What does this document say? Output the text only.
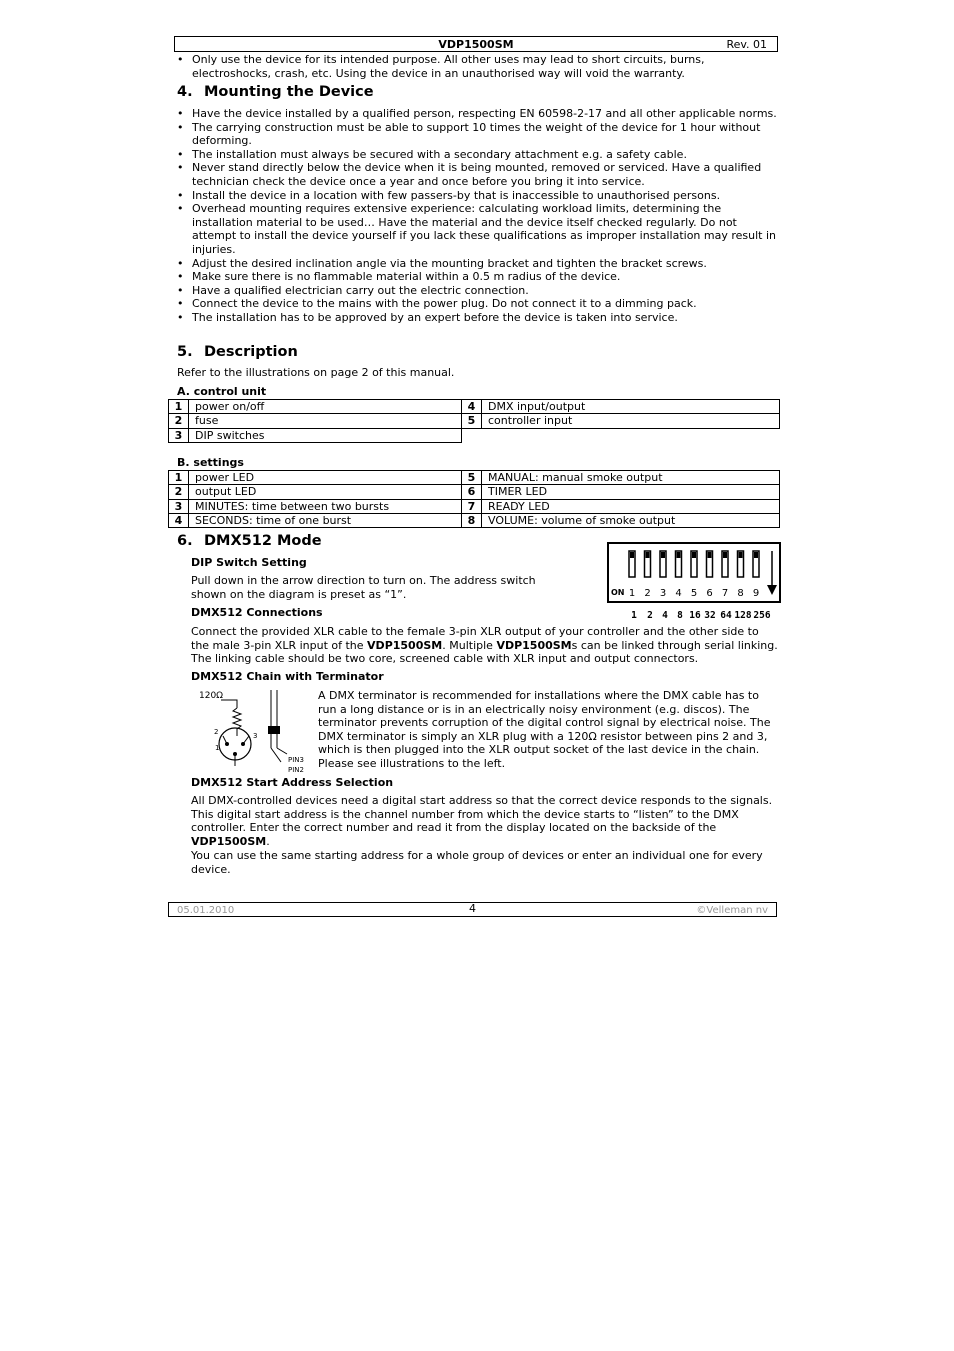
VDP1500SM	Rev. 01
• Only use the device for its intended purpose. All other uses may lead to short circuits, burns, electroshocks, crash, etc. Using the device in an unauthorised way will void the warranty.
4. Mounting the Device
• Have the device installed by a qualified person, respecting EN 60598-2-17 and all other applicable norms.
• The carrying construction must be able to support 10 times the weight of the device for 1 hour without deforming.
• The installation must always be secured with a secondary attachment e.g. a safety cable.
• Never stand directly below the device when it is being mounted, removed or serviced. Have a qualified technician check the device once a year and once before you bring it into service.
• Install the device in a location with few passers-by that is inaccessible to unauthorised persons.
• Overhead mounting requires extensive experience: calculating workload limits, determining the installation material to be used… Have the material and the device itself checked regularly. Do not attempt to install the device yourself if you lack these qualifications as improper installation may result in injuries.
• Adjust the desired inclination angle via the mounting bracket and tighten the bracket screws.
• Make sure there is no flammable material within a 0.5 m radius of the device.
• Have a qualified electrician carry out the electric connection.
• Connect the device to the mains with the power plug. Do not connect it to a dimming pack.
• The installation has to be approved by an expert before the device is taken into service.
5. Description
Refer to the illustrations on page 2 of this manual.
A. control unit
1	power on/off	4	DMX input/output
2	fuse	5	controller input
3	DIP switches		
B. settings
1	power LED	5	MANUAL: manual smoke output
2	output LED	6	TIMER LED
3	MINUTES: time between two bursts	7	READY LED
4	SECONDS: time of one burst	8	VOLUME: volume of smoke output
6. DMX512 Mode
DIP Switch Setting
Pull down in the arrow direction to turn on. The address switch
shown on the diagram is preset as “1”.	ON 1 2 3 4 5 6 7 8 9
1 2 4 8 16 32 64 128 256
DMX512 Connections
Connect the provided XLR cable to the female 3-pin XLR output of your controller and the other side to the male 3-pin XLR input of the VDP1500SM. Multiple VDP1500SMs can be linked through serial linking. The linking cable should be two core, screened cable with XLR input and output connectors.
DMX512 Chain with Terminator
120Ω
2
1
3
PIN3
PIN2
A DMX terminator is recommended for installations where the DMX cable has to run a long distance or is in an electrically noisy environment (e.g. discos). The terminator prevents corruption of the digital control signal by electrical noise. The DMX terminator is simply an XLR plug with a 120Ω resistor between pins 2 and 3, which is then plugged into the XLR output socket of the last device in the chain. Please see illustrations to the left.
DMX512 Start Address Selection
All DMX-controlled devices need a digital start address so that the correct device responds to the signals. This digital start address is the channel number from which the device starts to “listen” to the DMX controller. Enter the correct number and read it from the display located on the backside of the VDP1500SM.
You can use the same starting address for a whole group of devices or enter an individual one for every device.
05.01.2010	4	©Velleman nv
